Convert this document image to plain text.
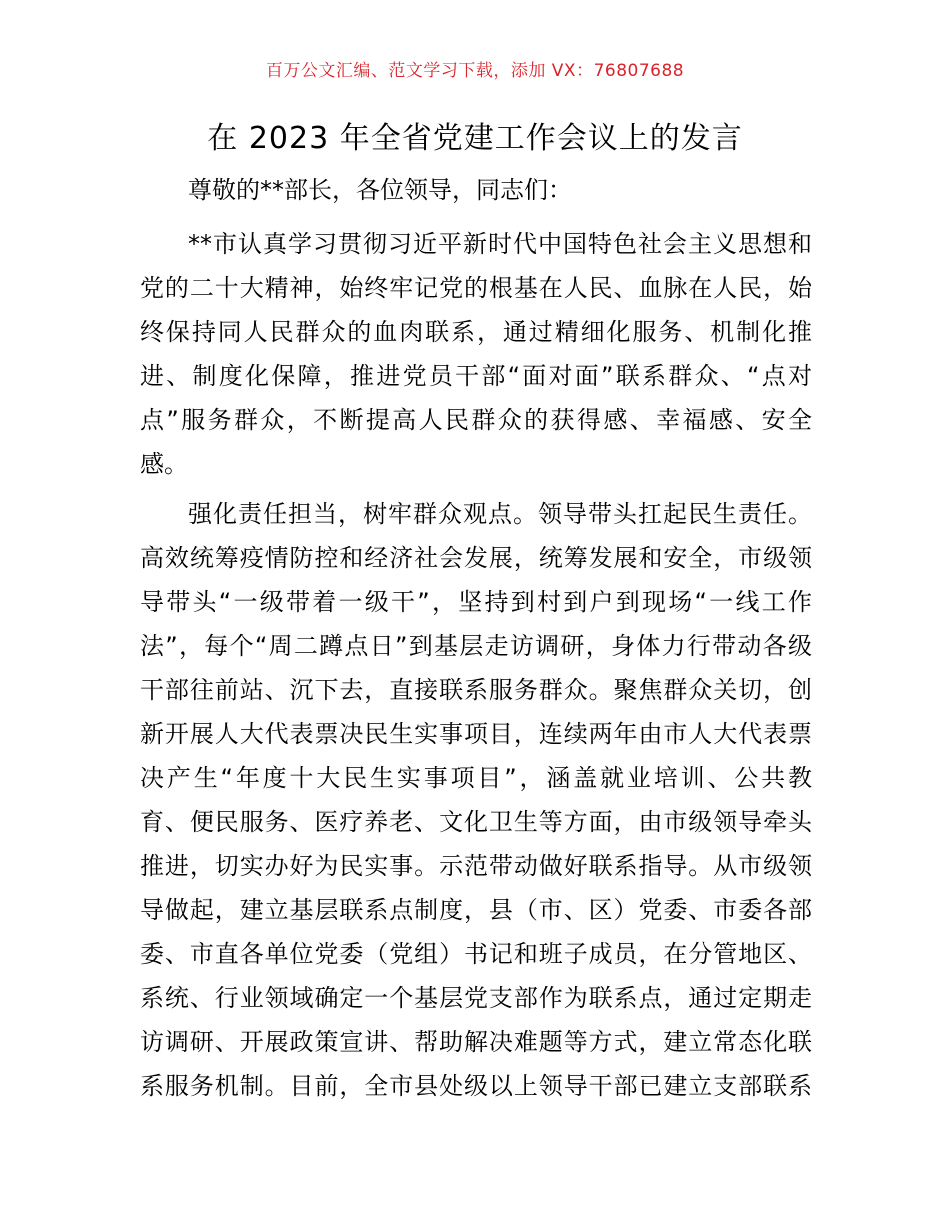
百万公文汇编、范文学习下载，添加 VX：76807688
在 2023 年全省党建工作会议上的发言
尊敬的**部长，各位领导，同志们：
**市认真学习贯彻习近平新时代中国特色社会主义思想和
党的二十大精神，始终牢记党的根基在人民、血脉在人民，始
终保持同人民群众的血肉联系，通过精细化服务、机制化推
进、制度化保障，推进党员干部“面对面”联系群众、“点对
点”服务群众，不断提高人民群众的获得感、幸福感、安全
感。
强化责任担当，树牢群众观点。领导带头扛起民生责任。
高效统筹疫情防控和经济社会发展，统筹发展和安全，市级领
导带头“一级带着一级干”，坚持到村到户到现场“一线工作
法”，每个“周二蹲点日”到基层走访调研，身体力行带动各级
干部往前站、沉下去，直接联系服务群众。聚焦群众关切，创
新开展人大代表票决民生实事项目，连续两年由市人大代表票
决产生“年度十大民生实事项目”，涵盖就业培训、公共教
育、便民服务、医疗养老、文化卫生等方面，由市级领导牵头
推进，切实办好为民实事。示范带动做好联系指导。从市级领
导做起，建立基层联系点制度，县（市、区）党委、市委各部
委、市直各单位党委（党组）书记和班子成员，在分管地区、
系统、行业领域确定一个基层党支部作为联系点，通过定期走
访调研、开展政策宣讲、帮助解决难题等方式，建立常态化联
系服务机制。目前，全市县处级以上领导干部已建立支部联系
